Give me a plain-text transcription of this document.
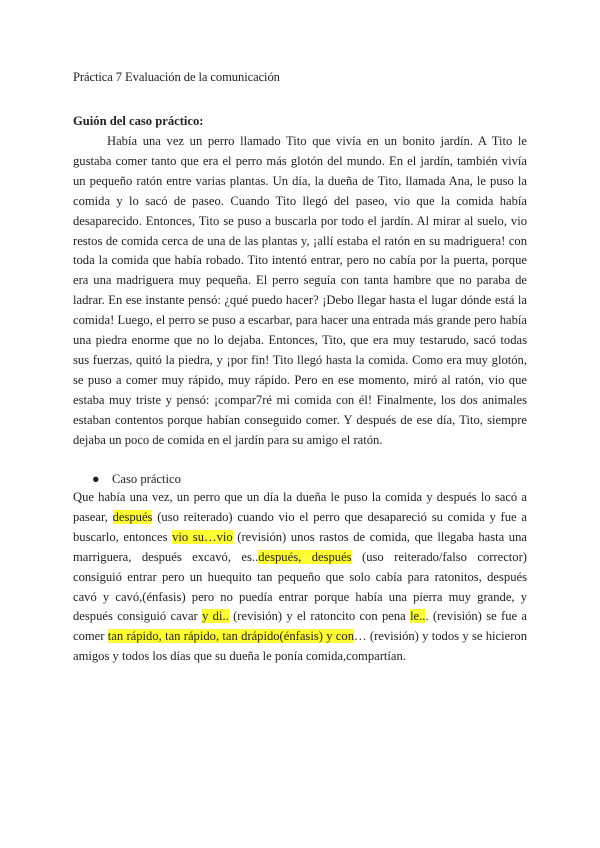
Práctica 7 Evaluación de la comunicación
Guión del caso práctico:

Había una vez un perro llamado Tito que vivía en un bonito jardín. A Tito le gustaba comer tanto que era el perro más glotón del mundo. En el jardín, también vivía un pequeño ratón entre varias plantas. Un día, la dueña de Tito, llamada Ana, le puso la comida y lo sacó de paseo. Cuando Tito llegó del paseo, vio que la comida había desaparecido. Entonces, Tito se puso a buscarla por todo el jardín. Al mirar al suelo, vio restos de comida cerca de una de las plantas y, ¡allí estaba el ratón en su madriguera! con toda la comida que había robado. Tito intentó entrar, pero no cabía por la puerta, porque era una madriguera muy pequeña. El perro seguía con tanta hambre que no paraba de ladrar. En ese instante pensó: ¿qué puedo hacer? ¡Debo llegar hasta el lugar dónde está la comida! Luego, el perro se puso a escarbar, para hacer una entrada más grande pero había una piedra enorme que no lo dejaba. Entonces, Tito, que era muy testarudo, sacó todas sus fuerzas, quitó la piedra, y ¡por fin! Tito llegó hasta la comida. Como era muy glotón, se puso a comer muy rápido, muy rápido. Pero en ese momento, miró al ratón, vio que estaba muy triste y pensó: ¡compar7ré mi comida con él! Finalmente, los dos animales estaban contentos porque habían conseguido comer. Y después de ese día, Tito, siempre dejaba un poco de comida en el jardín para su amigo el ratón.

● Caso práctico

Que había una vez, un perro que un día la dueña le puso la comida y después lo sacó a pasear, después (uso reiterado) cuando vio el perro que desapareció su comida y fue a buscarlo, entonces vio su…vio (revisión) unos rastos de comida, que llegaba hasta una marriguera, después excavó, es..después, después (uso reiterado/falso corrector) consiguió entrar pero un huequito tan pequeño que solo cabía para ratonitos, después cavó y cavó,(énfasis) pero no puedía entrar porque había una pierra muy grande, y después consiguió cavar y di.. (revisión) y el ratoncito con pena le... (revisión) se fue a comer tan rápido, tan rápido, tan drápido(énfasis) y con… (revisión) y todos y se hicieron amigos y todos los días que su dueña le ponía comida,compartían.
